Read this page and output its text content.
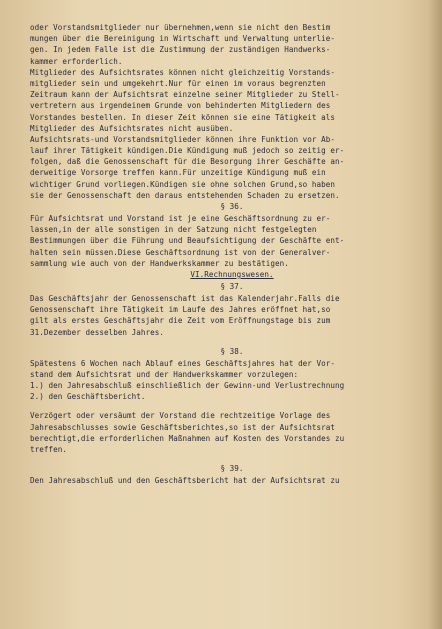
oder Vorstandsmitglieder nur übernehmen,wenn sie nicht den Bestim
mungen über die Bereinigung in Wirtschaft und Verwaltung unterlie-
gen. In jedem Falle ist die Zustimmung der zuständigen Handwerks-
kammer erforderlich.
Mitglieder des Aufsichtsrates können nicht gleichzeitig Vorstands-
mitglieder sein und umgekehrt.Nur für einen im voraus begrenzten
Zeitraum kann der Aufsichtsrat einzelne seiner Mitglieder zu Stell-
vertretern aus irgendeinem Grunde von behinderten Mitgliedern des
Vorstandes bestellen. In dieser Zeit können sie eine Tätigkeit als
Mitglieder des Aufsichtsrates nicht ausüben.
Aufsichtsrats-und Vorstandsmitglieder können ihre Funktion vor Ab-
lauf ihrer Tätigkeit kündigen.Die Kündigung muß jedoch so zeitig er-
folgen, daß die Genossenschaft für die Besorgung ihrer Geschäfte an-
derweitige Vorsorge treffen kann.Für unzeitige Kündigung muß ein
wichtiger Grund vorliegen.Kündigen sie ohne solchen Grund,so haben
sie der Genossenschaft den daraus entstehenden Schaden zu ersetzen.
§ 36.
Für Aufsichtsrat und Vorstand ist je eine Geschäftsordnung zu er-
lassen,in der alle sonstigen in der Satzung nicht festgelegten
Bestimmungen über die Führung und Beaufsichtigung der Geschäfte ent-
halten sein müssen.Diese Geschäftsordnung ist von der Generalver-
sammlung wie auch von der Handwerkskammer zu bestätigen.
VI.Rechnungswesen.
§ 37.
Das Geschäftsjahr der Genossenschaft ist das Kalenderjahr.Falls die
Genossenschaft ihre Tätigkeit im Laufe des Jahres eröffnet hat,so
gilt als erstes Geschäftsjahr die Zeit vom Eröffnungstage bis zum
31.Dezember desselben Jahres.
§ 38.
Spätestens 6 Wochen nach Ablauf eines Geschäftsjahres hat der Vor-
stand dem Aufsichtsrat und der Handwerkskammer vorzulegen:
1.) den Jahresabschluß einschließlich der Gewinn-und Verlustrechnung
2.) den Geschäftsbericht.
Verzögert oder versäumt der Vorstand die rechtzeitige Vorlage des
Jahresabschlusses sowie Geschäftsberichtes,so ist der Aufsichtsrat
berechtigt,die erforderlichen Maßnahmen auf Kosten des Vorstandes zu
treffen.
§ 39.
Den Jahresabschluß und den Geschäftsbericht hat der Aufsichtsrat zu
